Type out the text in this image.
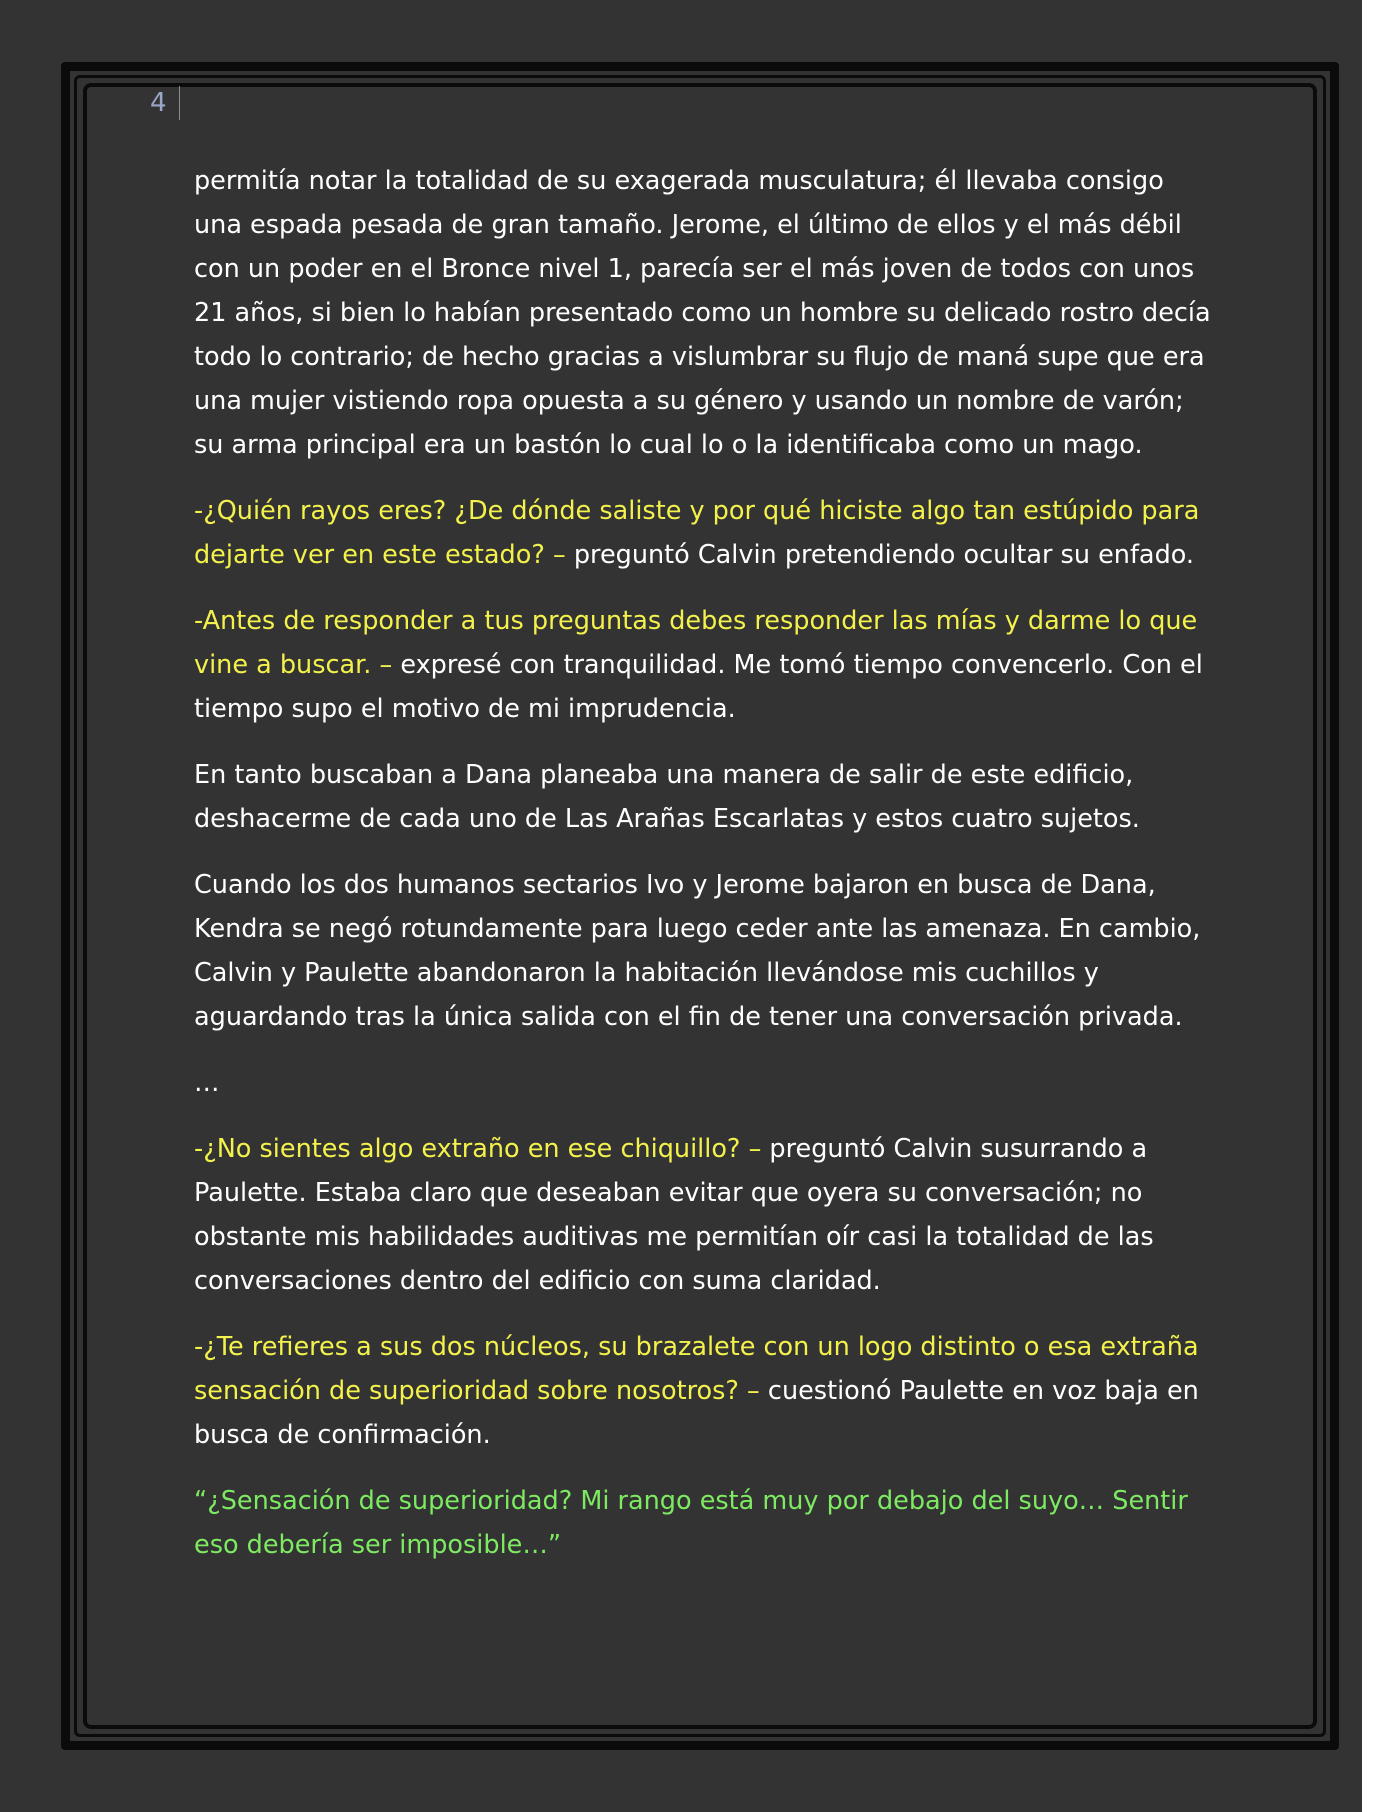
4

permitía notar la totalidad de su exagerada musculatura; él llevaba consigo una espada pesada de gran tamaño. Jerome, el último de ellos y el más débil con un poder en el Bronce nivel 1, parecía ser el más joven de todos con unos 21 años, si bien lo habían presentado como un hombre su delicado rostro decía todo lo contrario; de hecho gracias a vislumbrar su flujo de maná supe que era una mujer vistiendo ropa opuesta a su género y usando un nombre de varón; su arma principal era un bastón lo cual lo o la identificaba como un mago.

-¿Quién rayos eres? ¿De dónde saliste y por qué hiciste algo tan estúpido para dejarte ver en este estado? – preguntó Calvin pretendiendo ocultar su enfado.

-Antes de responder a tus preguntas debes responder las mías y darme lo que vine a buscar. – expresé con tranquilidad. Me tomó tiempo convencerlo. Con el tiempo supo el motivo de mi imprudencia.

En tanto buscaban a Dana planeaba una manera de salir de este edificio, deshacerme de cada uno de Las Arañas Escarlatas y estos cuatro sujetos.

Cuando los dos humanos sectarios Ivo y Jerome bajaron en busca de Dana, Kendra se negó rotundamente para luego ceder ante las amenaza. En cambio, Calvin y Paulette abandonaron la habitación llevándose mis cuchillos y aguardando tras la única salida con el fin de tener una conversación privada.

…

-¿No sientes algo extraño en ese chiquillo? – preguntó Calvin susurrando a Paulette. Estaba claro que deseaban evitar que oyera su conversación; no obstante mis habilidades auditivas me permitían oír casi la totalidad de las conversaciones dentro del edificio con suma claridad.

-¿Te refieres a sus dos núcleos, su brazalete con un logo distinto o esa extraña sensación de superioridad sobre nosotros? – cuestionó Paulette en voz baja en busca de confirmación.

“¿Sensación de superioridad? Mi rango está muy por debajo del suyo… Sentir eso debería ser imposible…”
